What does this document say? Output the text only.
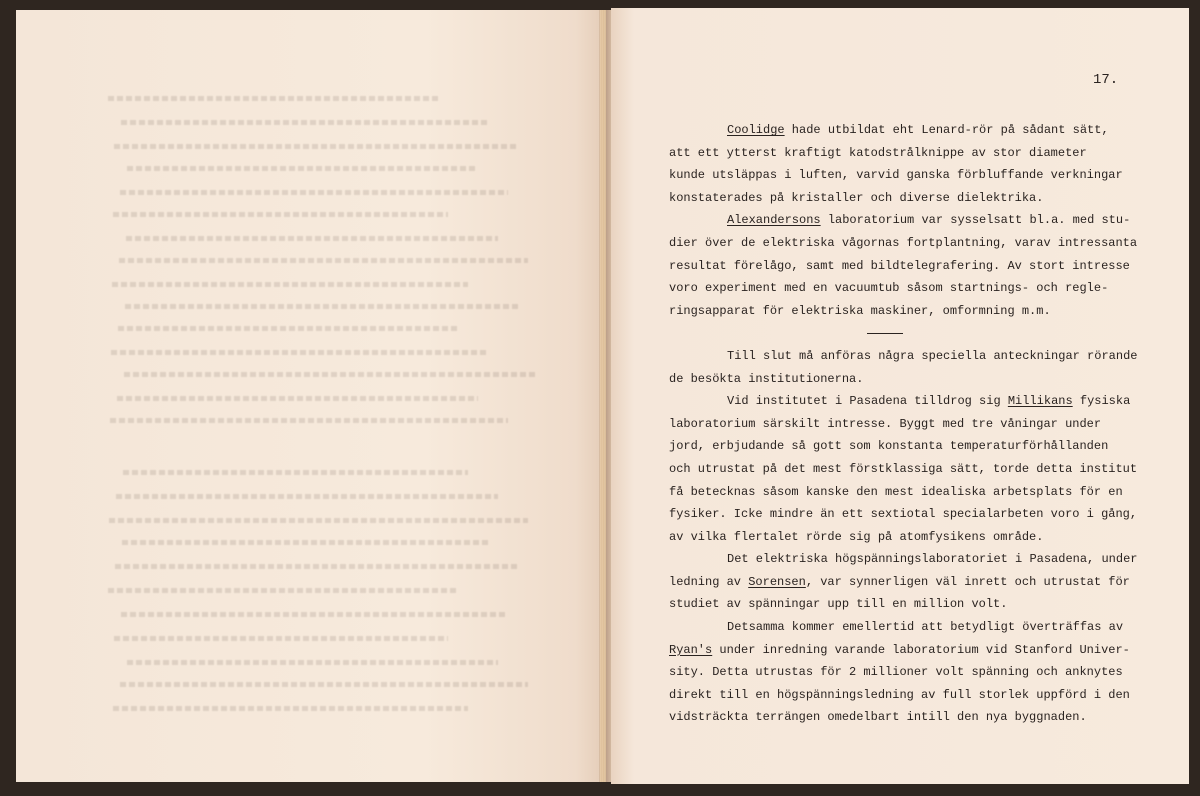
17.
Coolidge hade utbildat eht Lenard-rör på sådant sätt,
att ett ytterst kraftigt katodstrålknippe av stor diameter
kunde utsläppas i luften, varvid ganska förbluffande verkningar
konstaterades på kristaller och diverse dielektrika.
Alexandersons laboratorium var sysselsatt bl.a. med stu-
dier över de elektriska vågornas fortplantning, varav intressanta
resultat förelågo, samt med bildtelegrafering. Av stort intresse
voro experiment med en vacuumtub såsom startnings- och regle-
ringsapparat för elektriska maskiner, omformning m.m.
Till slut må anföras några speciella anteckningar rörande
de besökta institutionerna.
Vid institutet i Pasadena tilldrog sig Millikans fysiska
laboratorium särskilt intresse. Byggt med tre våningar under
jord, erbjudande så gott som konstanta temperaturförhållanden
och utrustat på det mest förstklassiga sätt, torde detta institut
få betecknas såsom kanske den mest idealiska arbetsplats för en
fysiker. Icke mindre än ett sextiotal specialarbeten voro i gång,
av vilka flertalet rörde sig på atomfysikens område.
Det elektriska högspänningslaboratoriet i Pasadena, under
ledning av Sorensen, var synnerligen väl inrett och utrustat för
studiet av spänningar upp till en million volt.
Detsamma kommer emellertid att betydligt överträffas av
Ryan's under inredning varande laboratorium vid Stanford Univer-
sity. Detta utrustas för 2 millioner volt spänning och anknytes
direkt till en högspänningsledning av full storlek uppförd i den
vidsträckta terrängen omedelbart intill den nya byggnaden.
